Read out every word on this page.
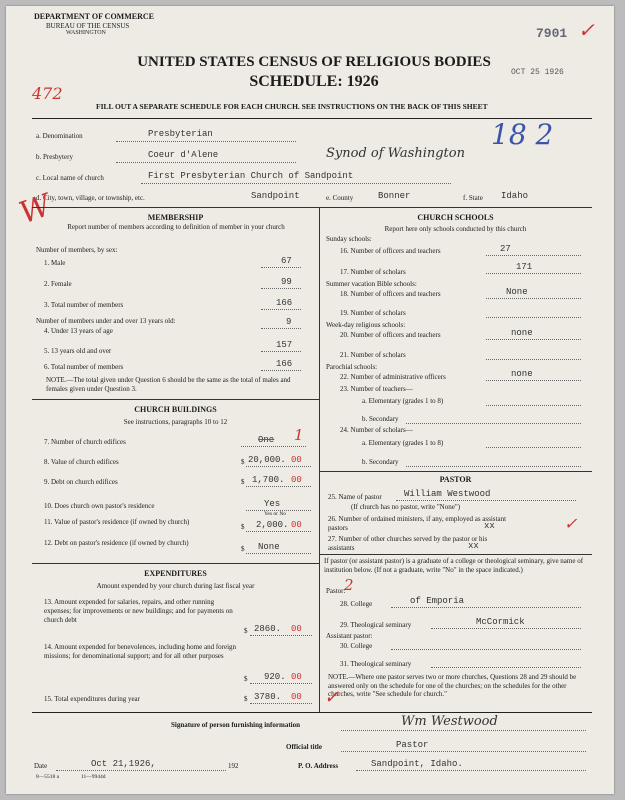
DEPARTMENT OF COMMERCE
BUREAU OF THE CENSUS
WASHINGTON	7901 ✓
UNITED STATES CENSUS OF RELIGIOUS BODIES
SCHEDULE: 1926
OCT 25 1926
472
FILL OUT A SEPARATE SCHEDULE FOR EACH CHURCH. SEE INSTRUCTIONS ON THE BACK OF THIS SHEET
a. Denomination	Presbyterian	18 2
b. Presbytery	Coeur d'Alene	Synod of Washington
c. Local name of church	First Presbyterian Church of Sandpoint
d. City, town, village, or township, etc.	Sandpoint	e. County	Bonner	f. State Idaho
W	MEMBERSHIP
Report number of members according to definition of member in your church
Number of members, by sex:
1. Male	67
2. Female	99
3. Total number of members	166
Number of members under and over 13 years old:
4. Under 13 years of age
9
5. 13 years old and over
157
6. Total number of members	166
NOTE.—The total given under Question 6 should be the same as the total of males and females given under Question 3.
CHURCH BUILDINGS
See instructions, paragraphs 10 to 12
7. Number of church edifices	One 1
8. Value of church edifices	$ 20,000. 00
9. Debt on church edifices	$ 1,700. 00
10. Does church own pastor's residence	Yes
Yes or No
11. Value of pastor's residence (if owned by church)
$ 2,000. 00
12. Debt on pastor's residence (if owned by church)
$ None
EXPENDITURES
Amount expended by your church during last fiscal year
13. Amount expended for salaries, repairs, and other running expenses; for improvements or new buildings; and for payments on church debt
$ 2860. 00
14. Amount expended for benevolences, including home and foreign missions; for denominational support; and for all other purposes
$ 920. 00
15. Total expenditures during year	$ 3780. 00
CHURCH SCHOOLS
Report here only schools conducted by this church
Sunday schools:
16. Number of officers and teachers	27
17. Number of scholars	171
Summer vacation Bible schools:
18. Number of officers and teachers	None
19. Number of scholars
Week-day religious schools:
20. Number of officers and teachers	none
21. Number of scholars
Parochial schools:
22. Number of administrative officers	none
23. Number of teachers—
a. Elementary (grades 1 to 8)
b. Secondary
24. Number of scholars—
a. Elementary (grades 1 to 8)
b. Secondary
PASTOR
25. Name of pastor William Westwood
(If church has no pastor, write "None")
26. Number of ordained ministers, if any, employed as assistant pastors	xx	✓
27. Number of other churches served by the pastor or his assistants	xx
If pastor (or assistant pastor) is a graduate of a college or theological seminary, give name of institution below. (If not a graduate, write "No" in the space indicated.)
Pastor:
2
28. College	of Emporia
29. Theological seminary	McCormick
Assistant pastor:
30. College
31. Theological seminary
NOTE.—Where one pastor serves two or more churches, Questions 28 and 29 should be answered only on the schedule for one of the churches; on the schedules for the other churches, write "See schedule for church."
✓
Signature of person furnishing information	Wm Westwood
Official title	Pastor
Date	Oct 21,1926,	192	P. O. Address	Sandpoint, Idaho.
8—5518 a	11—9944d
